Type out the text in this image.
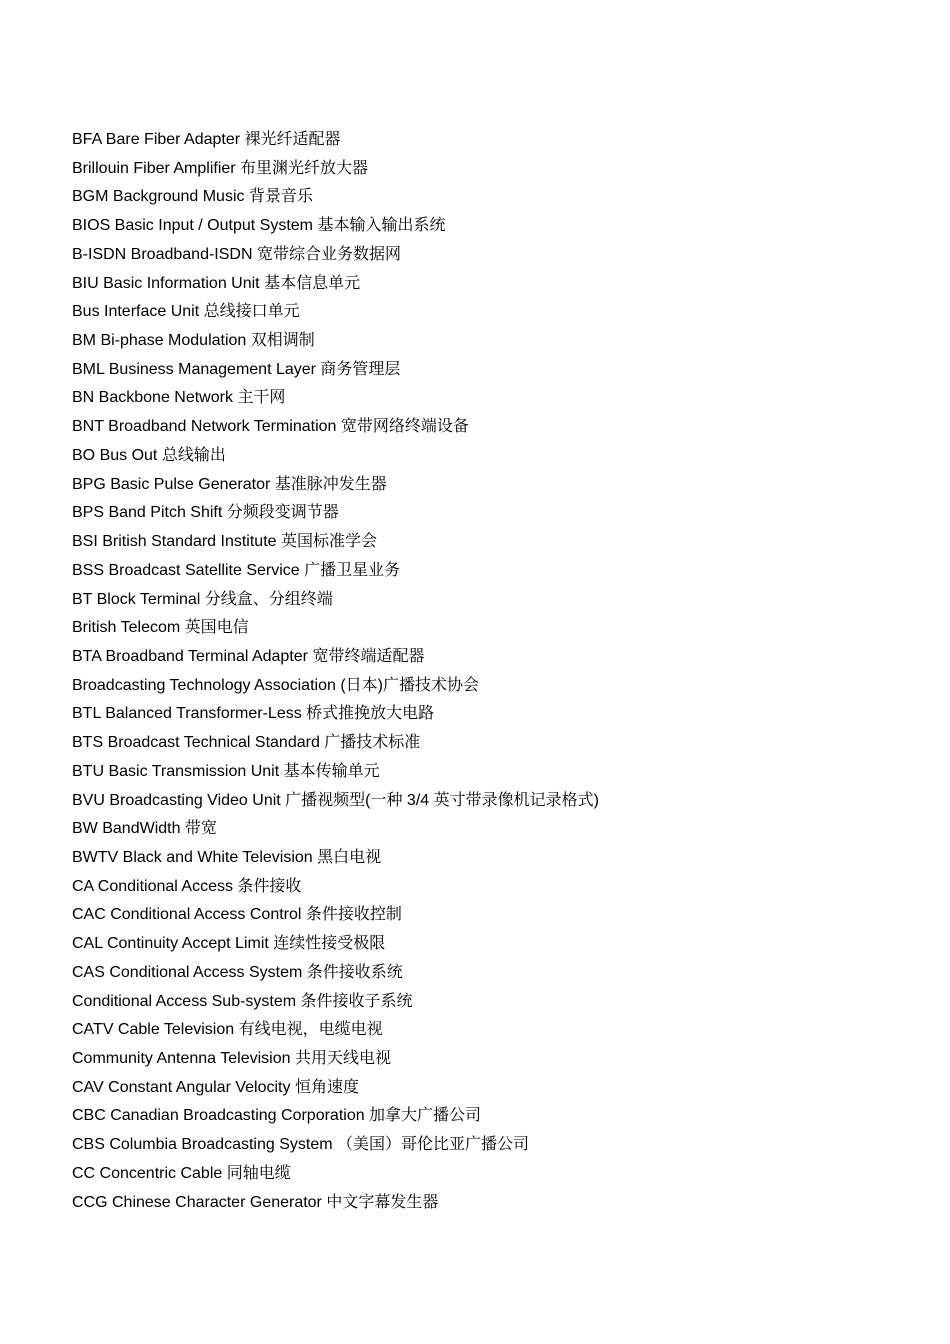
BFA Bare Fiber Adapter 裸光纤适配器
Brillouin Fiber Amplifier 布里渊光纤放大器
BGM Background Music 背景音乐
BIOS Basic Input / Output System 基本输入输出系统
B-ISDN Broadband-ISDN 宽带综合业务数据网
BIU Basic Information Unit 基本信息单元
Bus Interface Unit 总线接口单元
BM Bi-phase Modulation 双相调制
BML Business Management Layer 商务管理层
BN Backbone Network 主干网
BNT Broadband Network Termination 宽带网络终端设备
BO Bus Out 总线输出
BPG Basic Pulse Generator 基准脉冲发生器
BPS Band Pitch Shift 分频段变调节器
BSI British Standard Institute 英国标准学会
BSS Broadcast Satellite Service 广播卫星业务
BT Block Terminal 分线盒、分组终端
British Telecom 英国电信
BTA Broadband Terminal Adapter 宽带终端适配器
Broadcasting Technology Association (日本)广播技术协会
BTL Balanced Transformer-Less 桥式推挽放大电路
BTS Broadcast Technical Standard 广播技术标准
BTU Basic Transmission Unit 基本传输单元
BVU Broadcasting Video Unit 广播视频型(一种 3/4 英寸带录像机记录格式)
BW BandWidth 带宽
BWTV Black and White Television 黑白电视
CA Conditional Access 条件接收
CAC Conditional Access Control 条件接收控制
CAL Continuity Accept Limit 连续性接受极限
CAS Conditional Access System 条件接收系统
Conditional Access Sub-system 条件接收子系统
CATV Cable Television 有线电视，电缆电视
Community Antenna Television 共用天线电视
CAV Constant Angular Velocity 恒角速度
CBC Canadian Broadcasting Corporation 加拿大广播公司
CBS Columbia Broadcasting System （美国）哥伦比亚广播公司
CC Concentric Cable 同轴电缆
CCG Chinese Character Generator 中文字幕发生器
